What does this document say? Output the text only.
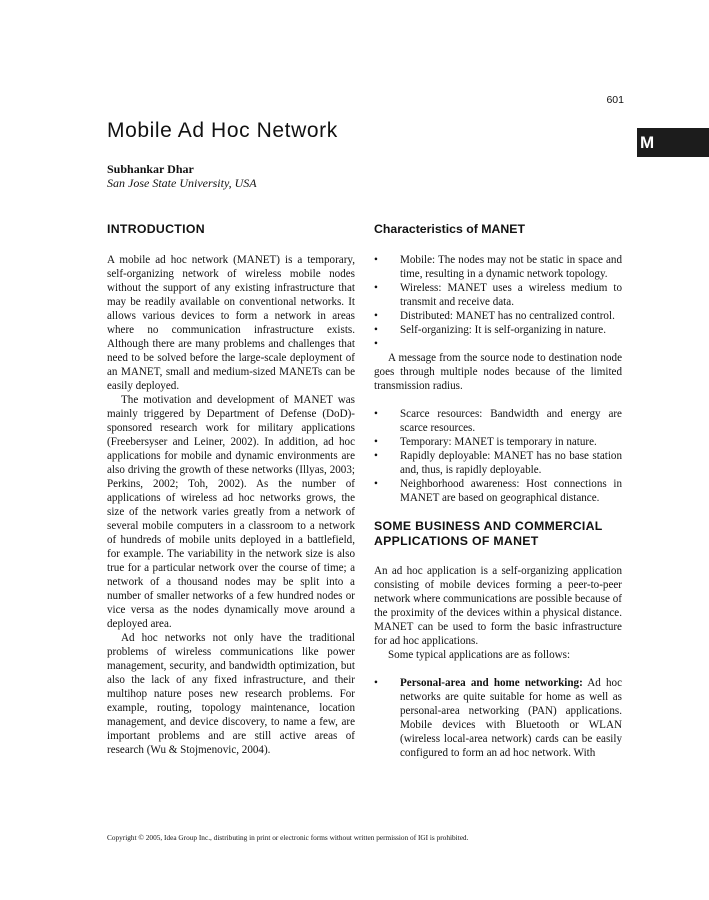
601
Mobile Ad Hoc Network
M
Subhankar Dhar
San Jose State University, USA
INTRODUCTION

A mobile ad hoc network (MANET) is a temporary, self-organizing network of wireless mobile nodes without the support of any existing infrastructure that may be readily available on conventional networks. It allows various devices to form a network in areas where no communication infrastructure exists. Although there are many problems and challenges that need to be solved before the large-scale deployment of an MANET, small and medium-sized MANETs can be easily deployed.

The motivation and development of MANET was mainly triggered by Department of Defense (DoD)-sponsored research work for military applications (Freebersyser and Leiner, 2002). In addition, ad hoc applications for mobile and dynamic environments are also driving the growth of these networks (Illyas, 2003; Perkins, 2002; Toh, 2002). As the number of applications of wireless ad hoc networks grows, the size of the network varies greatly from a network of several mobile computers in a classroom to a network of hundreds of mobile units deployed in a battlefield, for example. The variability in the network size is also true for a particular network over the course of time; a network of a thousand nodes may be split into a number of smaller networks of a few hundred nodes or vice versa as the nodes dynamically move around a deployed area.

Ad hoc networks not only have the traditional problems of wireless communications like power management, security, and bandwidth optimization, but also the lack of any fixed infrastructure, and their multihop nature poses new research problems. For example, routing, topology maintenance, location management, and device discovery, to name a few, are important problems and are still active areas of research (Wu & Stojmenovic, 2004).

Characteristics of MANET
• Mobile: The nodes may not be static in space and time, resulting in a dynamic network topology.
• Wireless: MANET uses a wireless medium to transmit and receive data.
• Distributed: MANET has no centralized control.
• Self-organizing: It is self-organizing in nature.
•

A message from the source node to destination node goes through multiple nodes because of the limited transmission radius.

• Scarce resources: Bandwidth and energy are scarce resources.
• Temporary: MANET is temporary in nature.
• Rapidly deployable: MANET has no base station and, thus, is rapidly deployable.
• Neighborhood awareness: Host connections in MANET are based on geographical distance.
SOME BUSINESS AND COMMERCIAL APPLICATIONS OF MANET

An ad hoc application is a self-organizing application consisting of mobile devices forming a peer-to-peer network where communications are possible because of the proximity of the devices within a physical distance. MANET can be used to form the basic infrastructure for ad hoc applications.

Some typical applications are as follows:

• Personal-area and home networking: Ad hoc networks are quite suitable for home as well as personal-area networking (PAN) applications. Mobile devices with Bluetooth or WLAN (wireless local-area network) cards can be easily configured to form an ad hoc network. With
Copyright © 2005, Idea Group Inc., distributing in print or electronic forms without written permission of IGI is prohibited.
